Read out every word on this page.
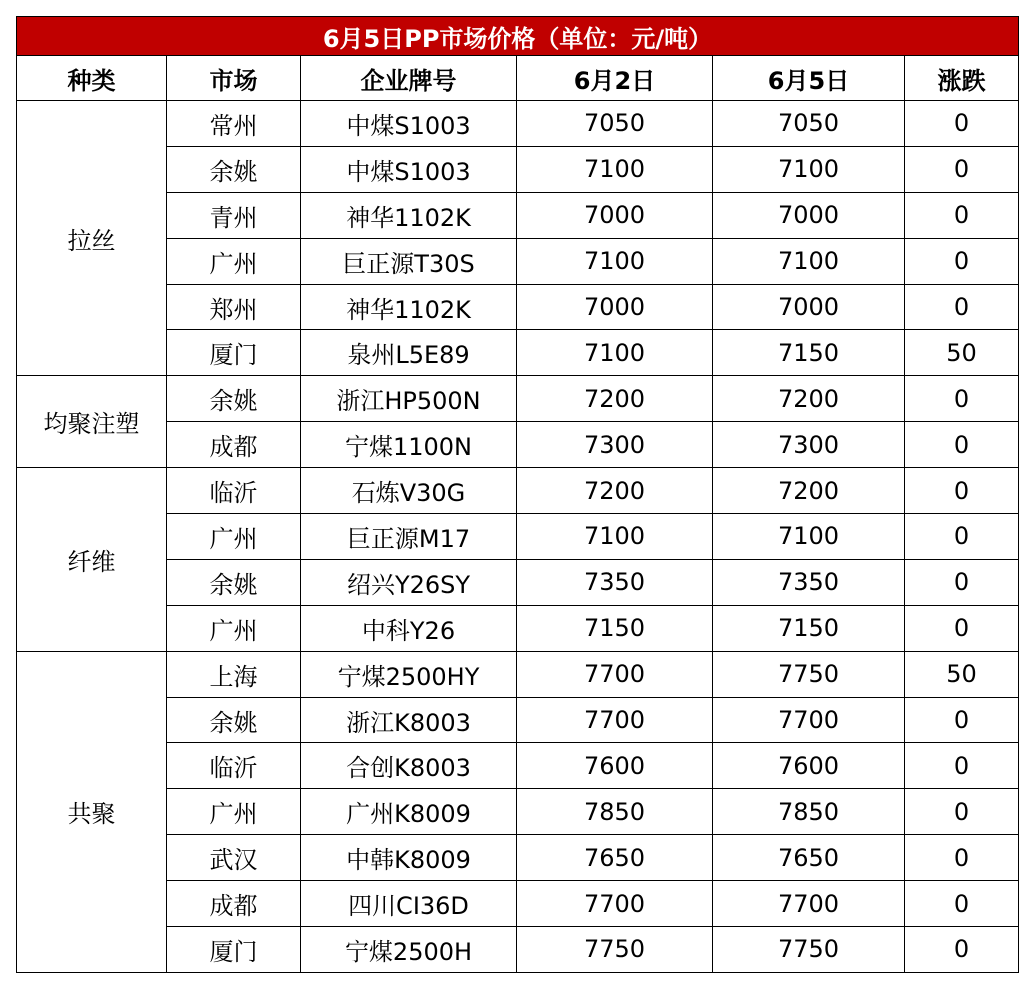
6月5日PP市场价格（单位：元/吨）					
种类	市场	企业牌号	6月2日	6月5日	涨跌
拉丝	常州	中煤S1003	7050	7050	0
	余姚	中煤S1003	7100	7100	0
	青州	神华1102K	7000	7000	0
	广州	巨正源T30S	7100	7100	0
	郑州	神华1102K	7000	7000	0
	厦门	泉州L5E89	7100	7150	50
均聚注塑	余姚	浙江HP500N	7200	7200	0
	成都	宁煤1100N	7300	7300	0
纤维	临沂	石炼V30G	7200	7200	0
	广州	巨正源M17	7100	7100	0
	余姚	绍兴Y26SY	7350	7350	0
	广州	中科Y26	7150	7150	0
共聚	上海	宁煤2500HY	7700	7750	50
	余姚	浙江K8003	7700	7700	0
	临沂	合创K8003	7600	7600	0
	广州	广州K8009	7850	7850	0
	武汉	中韩K8009	7650	7650	0
	成都	四川CI36D	7700	7700	0
	厦门	宁煤2500H	7750	7750	0
